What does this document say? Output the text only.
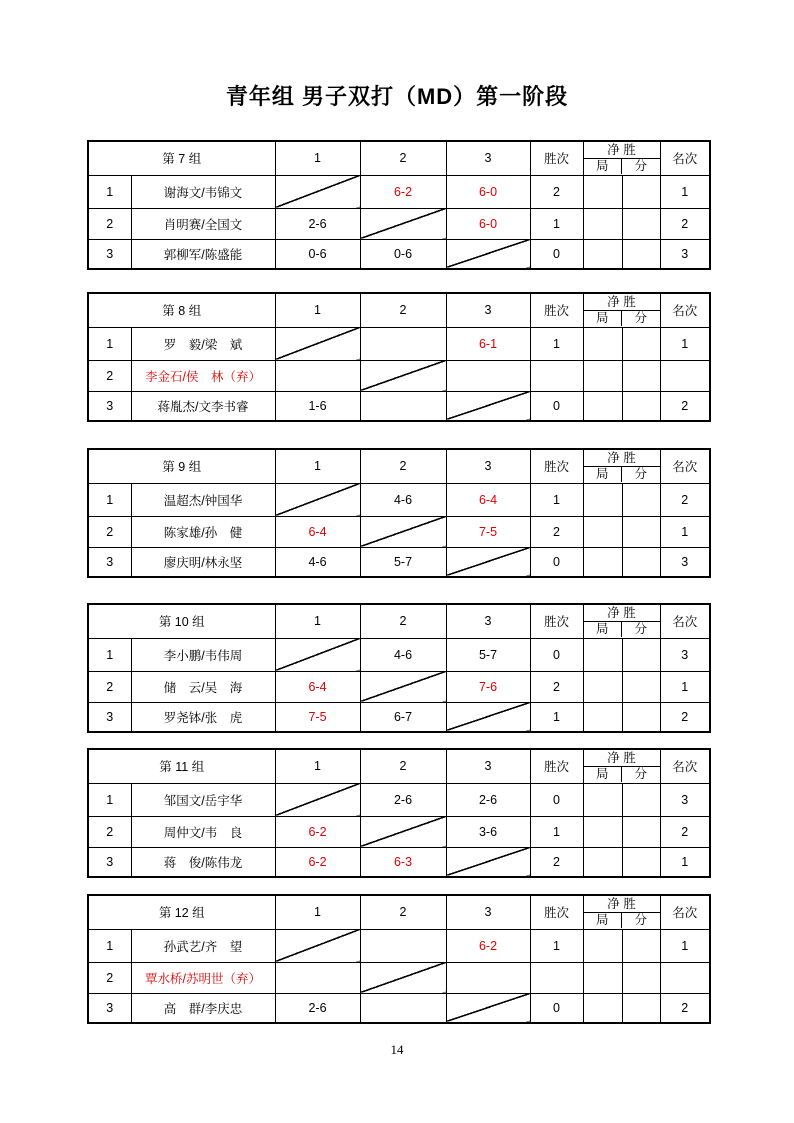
青年组 男子双打（MD）第一阶段
第 7 组		1	2	3	胜次	净 胜
局 分		名次
1	谢海文/韦锦文		6-2	6-0	2			1
2	肖明赛/全国文	2-6		6-0	1			2
3	郭柳军/陈盛能	0-6	0-6		0			3
第 8 组		1	2	3	胜次	净 胜
局 分		名次
1	罗　毅/梁　斌			6-1	1			1
2	李金石/侯　林（弃）							
3	蒋胤杰/文李书睿	1-6			0			2
第 9 组		1	2	3	胜次	净 胜
局 分		名次
1	温超杰/钟国华		4-6	6-4	1			2
2	陈家雄/孙　健	6-4		7-5	2			1
3	廖庆明/林永坚	4-6	5-7		0			3
第 10 组		1	2	3	胜次	净 胜
局 分		名次
1	李小鹏/韦伟周		4-6	5-7	0			3
2	储　云/吴　海	6-4		7-6	2			1
3	罗尧钵/张　虎	7-5	6-7		1			2
第 11 组		1	2	3	胜次	净 胜
局 分		名次
1	邹国文/岳宇华		2-6	2-6	0			3
2	周仲文/韦　良	6-2		3-6	1			2
3	蒋　俊/陈伟龙	6-2	6-3		2			1
第 12 组		1	2	3	胜次	净 胜
局 分		名次
1	孙武艺/齐　望			6-2	1			1
2	覃水桥/苏明世（弃）							
3	高　群/李庆忠	2-6			0			2
14
